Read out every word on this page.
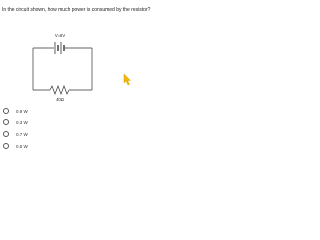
In the circuit shown, how much power is consumed by the resistor?
V=6V
40Ω
0.9 W
0.3 W
0.7 W
0.5 W
